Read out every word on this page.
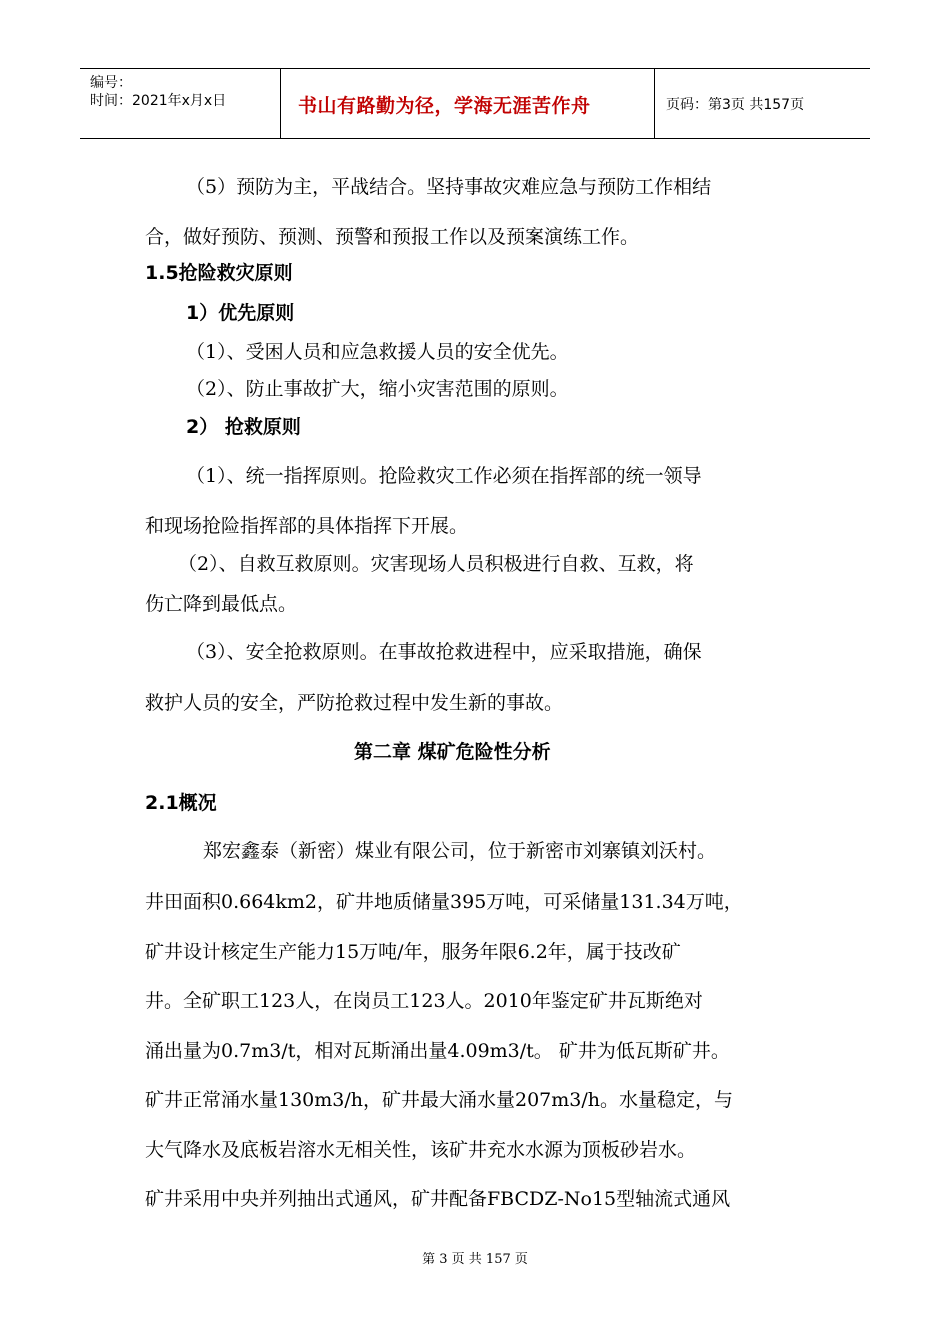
编号：
时间：2021年x月x日	书山有路勤为径，学海无涯苦作舟	页码：第3页 共157页
（5）预防为主，平战结合。坚持事故灾难应急与预防工作相结
合，做好预防、预测、预警和预报工作以及预案演练工作。
1.5抢险救灾原则
1）优先原则
（1）、受困人员和应急救援人员的安全优先。
（2）、防止事故扩大，缩小灾害范围的原则。
2） 抢救原则
（1）、统一指挥原则。抢险救灾工作必须在指挥部的统一领导
和现场抢险指挥部的具体指挥下开展。
（2）、自救互救原则。灾害现场人员积极进行自救、互救，将
伤亡降到最低点。
（3）、安全抢救原则。在事故抢救进程中，应采取措施，确保
救护人员的安全，严防抢救过程中发生新的事故。
第二章 煤矿危险性分析
2.1概况
郑宏鑫泰（新密）煤业有限公司，位于新密市刘寨镇刘沃村。
井田面积0.664km2，矿井地质储量395万吨，可采储量131.34万吨，
矿井设计核定生产能力15万吨/年，服务年限6.2年，属于技改矿
井。全矿职工123人，在岗员工123人。2010年鉴定矿井瓦斯绝对
涌出量为0.7m3/t，相对瓦斯涌出量4.09m3/t。 矿井为低瓦斯矿井。
矿井正常涌水量130m3/h，矿井最大涌水量207m3/h。水量稳定，与
大气降水及底板岩溶水无相关性，该矿井充水水源为顶板砂岩水。
矿井采用中央并列抽出式通风，矿井配备FBCDZ-No15型轴流式通风
第 3 页 共 157 页
